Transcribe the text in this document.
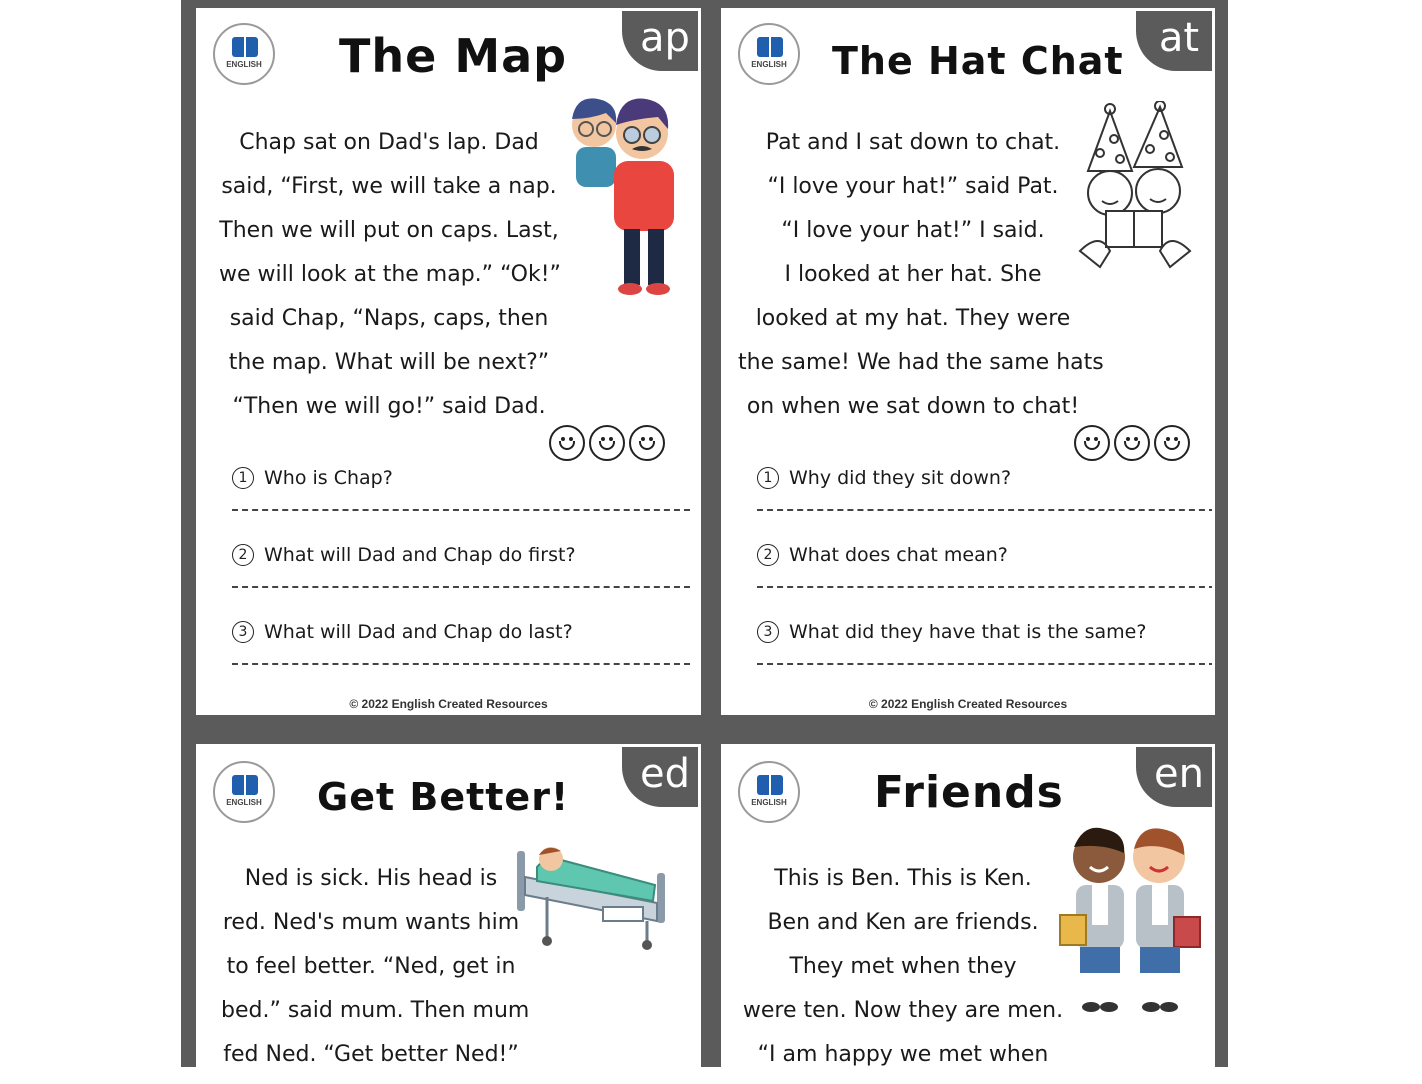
ap
ENGLISH The Map
Chap sat on Dad's lap. Dad
said, “First, we will take a nap.
Then we will put on caps. Last,
we will look at the map.” “Ok!”
said Chap, “Naps, caps, then
the map. What will be next?”
“Then we will go!” said Dad.
1 Who is Chap?
2 What will Dad and Chap do first?
3 What will Dad and Chap do last?
© 2022 English Created Resources
at
ENGLISH The Hat Chat
Pat and I sat down to chat.
“I love your hat!” said Pat.
“I love your hat!” I said.
I looked at her hat. She
looked at my hat. They were
the same! We had the same hats
on when we sat down to chat!
1 Why did they sit down?
2 What does chat mean?
3 What did they have that is the same?
© 2022 English Created Resources
ed
ENGLISH Get Better!
Ned is sick. His head is
red. Ned's mum wants him
to feel better. “Ned, get in
bed.” said mum. Then mum
fed Ned. “Get better Ned!”
en
ENGLISH Friends
This is Ben. This is Ken.
Ben and Ken are friends.
They met when they
were ten. Now they are men.
“I am happy we met when
